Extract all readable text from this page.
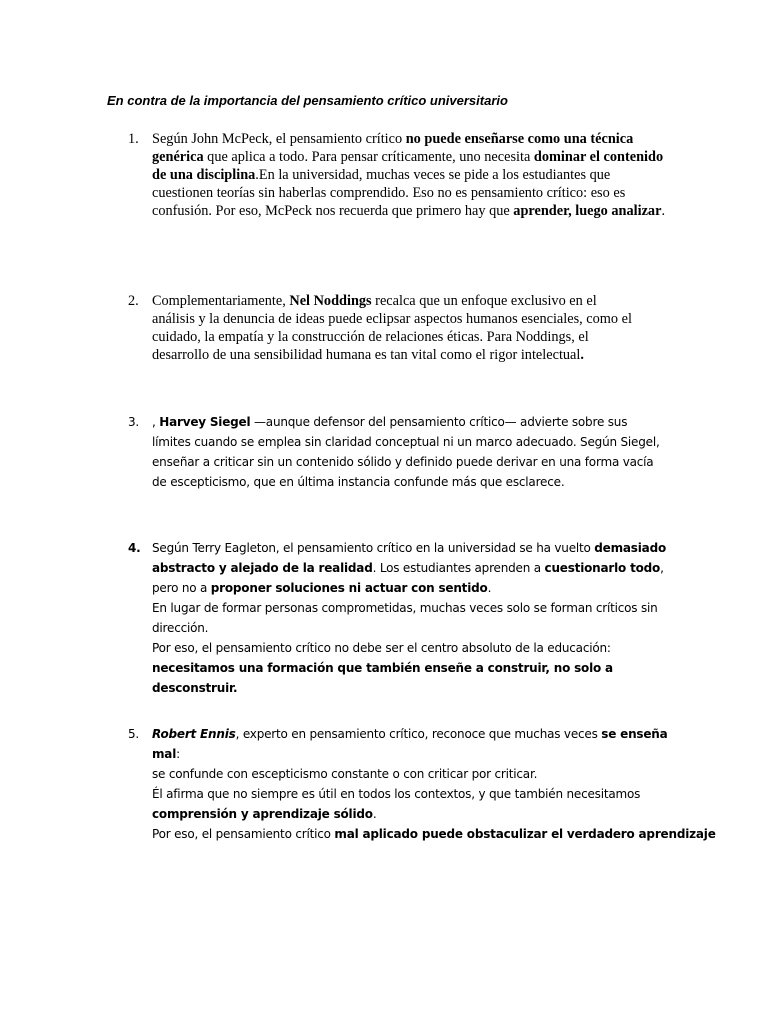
En contra de la importancia del pensamiento crítico universitario
1. Según John McPeck, el pensamiento crítico no puede enseñarse como una técnica genérica que aplica a todo. Para pensar críticamente, uno necesita dominar el contenido de una disciplina.En la universidad, muchas veces se pide a los estudiantes que cuestionen teorías sin haberlas comprendido. Eso no es pensamiento crítico: eso es confusión. Por eso, McPeck nos recuerda que primero hay que aprender, luego analizar.
2. Complementariamente, Nel Noddings recalca que un enfoque exclusivo en el análisis y la denuncia de ideas puede eclipsar aspectos humanos esenciales, como el cuidado, la empatía y la construcción de relaciones éticas. Para Noddings, el desarrollo de una sensibilidad humana es tan vital como el rigor intelectual.
3. , Harvey Siegel —aunque defensor del pensamiento crítico— advierte sobre sus límites cuando se emplea sin claridad conceptual ni un marco adecuado. Según Siegel, enseñar a criticar sin un contenido sólido y definido puede derivar en una forma vacía de escepticismo, que en última instancia confunde más que esclarece.
4. Según Terry Eagleton, el pensamiento crítico en la universidad se ha vuelto demasiado abstracto y alejado de la realidad. Los estudiantes aprenden a cuestionarlo todo, pero no a proponer soluciones ni actuar con sentido.
En lugar de formar personas comprometidas, muchas veces solo se forman críticos sin dirección.
Por eso, el pensamiento crítico no debe ser el centro absoluto de la educación:
necesitamos una formación que también enseñe a construir, no solo a desconstruir.
5. Robert Ennis, experto en pensamiento crítico, reconoce que muchas veces se enseña mal:
se confunde con escepticismo constante o con criticar por criticar.
Él afirma que no siempre es útil en todos los contextos, y que también necesitamos
comprensión y aprendizaje sólido.
Por eso, el pensamiento crítico mal aplicado puede obstaculizar el verdadero aprendizaje
